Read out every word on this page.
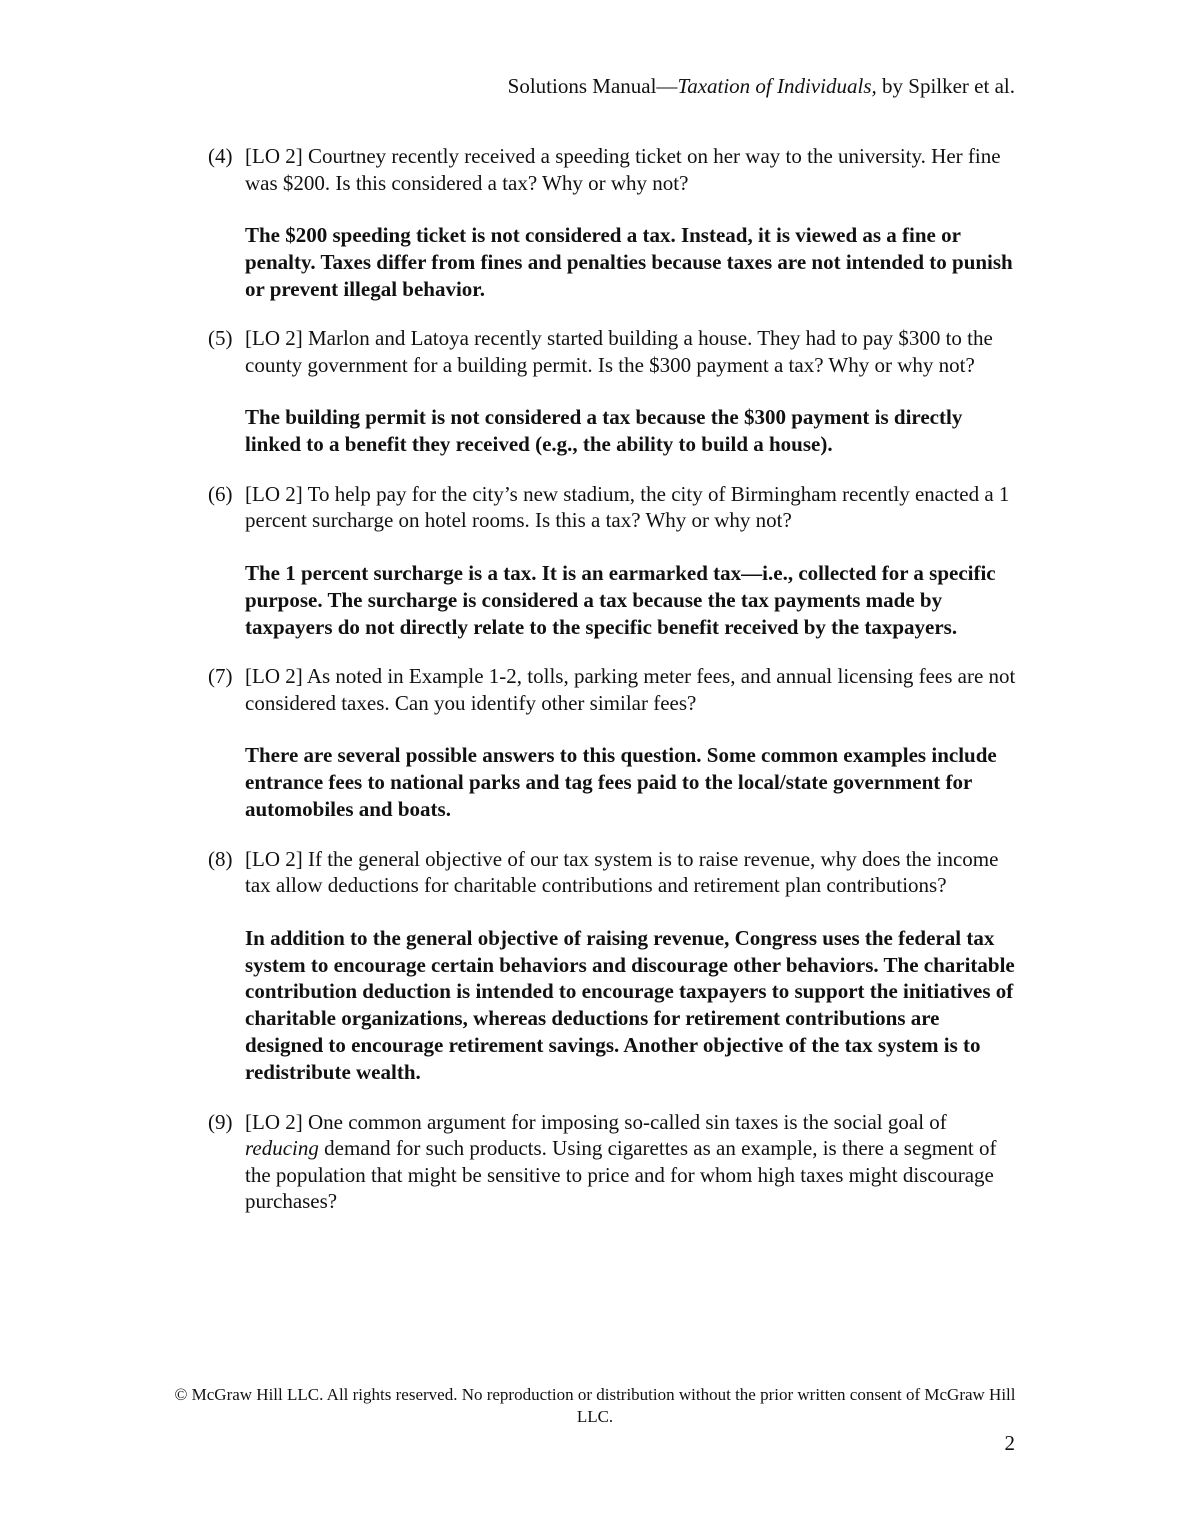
Solutions Manual—Taxation of Individuals, by Spilker et al.
(4) [LO 2] Courtney recently received a speeding ticket on her way to the university. Her fine was $200. Is this considered a tax? Why or why not?
The $200 speeding ticket is not considered a tax. Instead, it is viewed as a fine or penalty. Taxes differ from fines and penalties because taxes are not intended to punish or prevent illegal behavior.
(5) [LO 2] Marlon and Latoya recently started building a house. They had to pay $300 to the county government for a building permit. Is the $300 payment a tax? Why or why not?
The building permit is not considered a tax because the $300 payment is directly linked to a benefit they received (e.g., the ability to build a house).
(6) [LO 2] To help pay for the city’s new stadium, the city of Birmingham recently enacted a 1 percent surcharge on hotel rooms. Is this a tax? Why or why not?
The 1 percent surcharge is a tax. It is an earmarked tax—i.e., collected for a specific purpose. The surcharge is considered a tax because the tax payments made by taxpayers do not directly relate to the specific benefit received by the taxpayers.
(7) [LO 2] As noted in Example 1-2, tolls, parking meter fees, and annual licensing fees are not considered taxes. Can you identify other similar fees?
There are several possible answers to this question. Some common examples include entrance fees to national parks and tag fees paid to the local/state government for automobiles and boats.
(8) [LO 2] If the general objective of our tax system is to raise revenue, why does the income tax allow deductions for charitable contributions and retirement plan contributions?
In addition to the general objective of raising revenue, Congress uses the federal tax system to encourage certain behaviors and discourage other behaviors. The charitable contribution deduction is intended to encourage taxpayers to support the initiatives of charitable organizations, whereas deductions for retirement contributions are designed to encourage retirement savings. Another objective of the tax system is to redistribute wealth.
(9) [LO 2] One common argument for imposing so-called sin taxes is the social goal of reducing demand for such products. Using cigarettes as an example, is there a segment of the population that might be sensitive to price and for whom high taxes might discourage purchases?
© McGraw Hill LLC. All rights reserved. No reproduction or distribution without the prior written consent of McGraw Hill LLC.
2
